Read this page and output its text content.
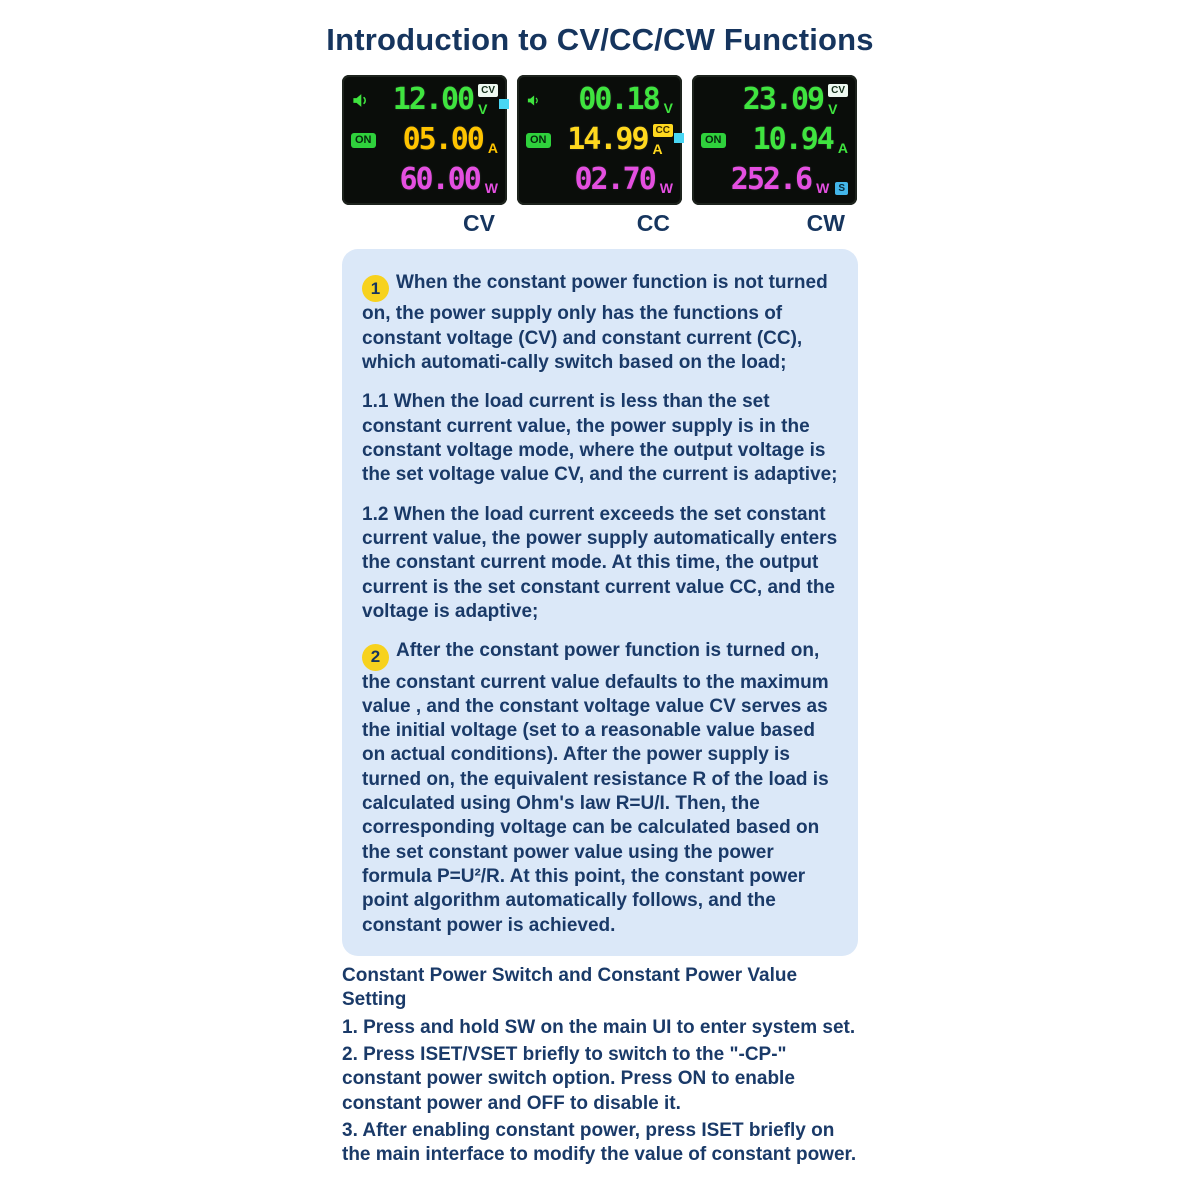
Introduction to CV/CC/CW Functions
12.00 CV
V
ON 05.00 A
60.00 W
00.18 V
ON 14.99 CC
A
02.70 W
23.09 CV
V
ON 10.94 A
252.6 W S
CV	CC	CW

1 When the constant power function is not turned on, the power supply only has the functions of constant voltage (CV) and constant current (CC), which automati-cally switch based on the load;

1.1 When the load current is less than the set constant current value, the power supply is in the constant voltage mode, where the output voltage is the set voltage value CV, and the current is adaptive;

1.2 When the load current exceeds the set constant current value, the power supply automatically enters the constant current mode. At this time, the output current is the set constant current value CC, and the voltage is adaptive;

2 After the constant power function is turned on, the constant current value defaults to the maximum value , and the constant voltage value CV serves as the initial voltage (set to a reasonable value based on actual conditions). After the power supply is turned on, the equivalent resistance R of the load is calculated using Ohm's law R=U/I. Then, the corresponding voltage can be calculated based on the set constant power value using the power formula P=U²/R. At this point, the constant power point algorithm automatically follows, and the constant power is achieved.

Constant Power Switch and Constant Power Value Setting

1. Press and hold SW on the main UI to enter system set.

2. Press ISET/VSET briefly to switch to the "-CP-" constant power switch option. Press ON to enable constant power and OFF to disable it.

3. After enabling constant power, press ISET briefly on the main interface to modify the value of constant power.
